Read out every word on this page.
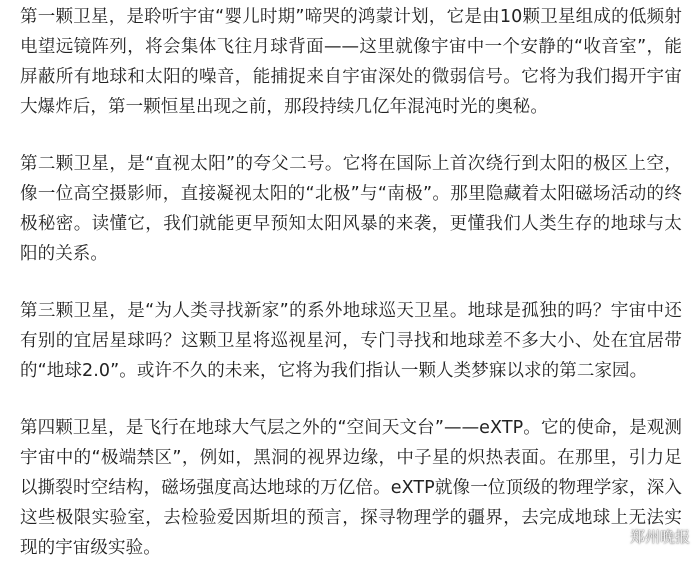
第一颗卫星，是聆听宇宙“婴儿时期”啼哭的鸿蒙计划，它是由10颗卫星组成的低频射电望远镜阵列，将会集体飞往月球背面——这里就像宇宙中一个安静的“收音室”，能屏蔽所有地球和太阳的噪音，能捕捉来自宇宙深处的微弱信号。它将为我们揭开宇宙大爆炸后，第一颗恒星出现之前，那段持续几亿年混沌时光的奥秘。

第二颗卫星，是“直视太阳”的夸父二号。它将在国际上首次绕行到太阳的极区上空，像一位高空摄影师，直接凝视太阳的“北极”与“南极”。那里隐藏着太阳磁场活动的终极秘密。读懂它，我们就能更早预知太阳风暴的来袭，更懂我们人类生存的地球与太阳的关系。

第三颗卫星，是“为人类寻找新家”的系外地球巡天卫星。地球是孤独的吗？宇宙中还有别的宜居星球吗？这颗卫星将巡视星河，专门寻找和地球差不多大小、处在宜居带的“地球2.0”。或许不久的未来，它将为我们指认一颗人类梦寐以求的第二家园。

第四颗卫星，是飞行在地球大气层之外的“空间天文台”——eXTP。它的使命，是观测宇宙中的“极端禁区”，例如，黑洞的视界边缘，中子星的炽热表面。在那里，引力足以撕裂时空结构，磁场强度高达地球的万亿倍。eXTP就像一位顶级的物理学家，深入这些极限实验室，去检验爱因斯坦的预言，探寻物理学的疆界，去完成地球上无法实现的宇宙级实验。

郑州晚报
